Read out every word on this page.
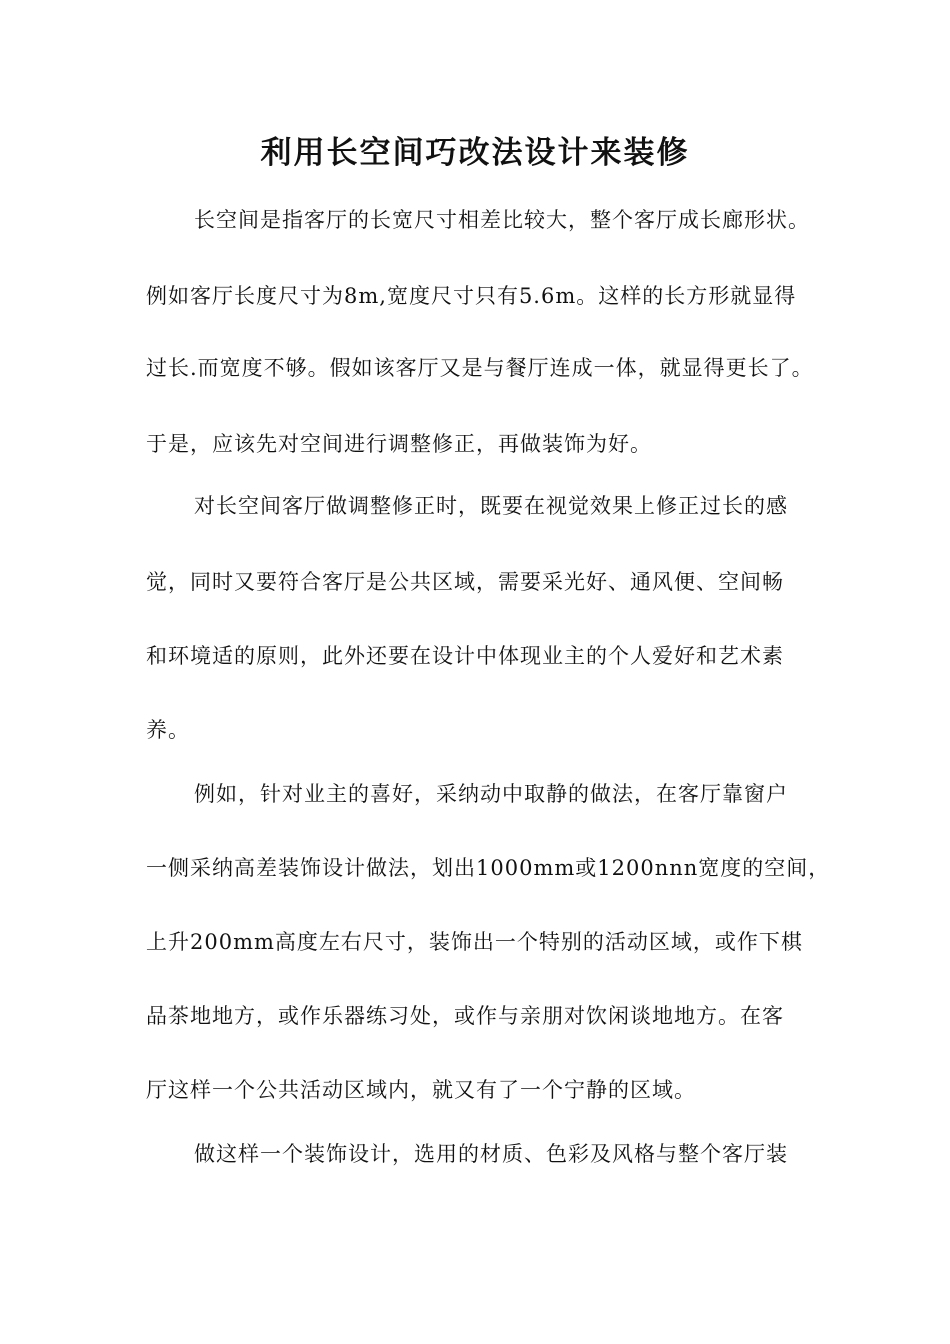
利用长空间巧改法设计来装修
长空间是指客厅的长宽尺寸相差比较大，整个客厅成长廊形状。
例如客厅长度尺寸为8m,宽度尺寸只有5.6m。这样的长方形就显得
过长.而宽度不够。假如该客厅又是与餐厅连成一体，就显得更长了。
于是，应该先对空间进行调整修正，再做装饰为好。
对长空间客厅做调整修正时，既要在视觉效果上修正过长的感
觉，同时又要符合客厅是公共区域，需要采光好、通风便、空间畅
和环境适的原则，此外还要在设计中体现业主的个人爱好和艺术素
养。
例如，针对业主的喜好，采纳动中取静的做法，在客厅靠窗户
一侧采纳高差装饰设计做法，划出1000mm或1200nnn宽度的空间，
上升200mm高度左右尺寸，装饰出一个特别的活动区域，或作下棋
品茶地地方，或作乐器练习处，或作与亲朋对饮闲谈地地方。在客
厅这样一个公共活动区域内，就又有了一个宁静的区域。
做这样一个装饰设计，选用的材质、色彩及风格与整个客厅装
